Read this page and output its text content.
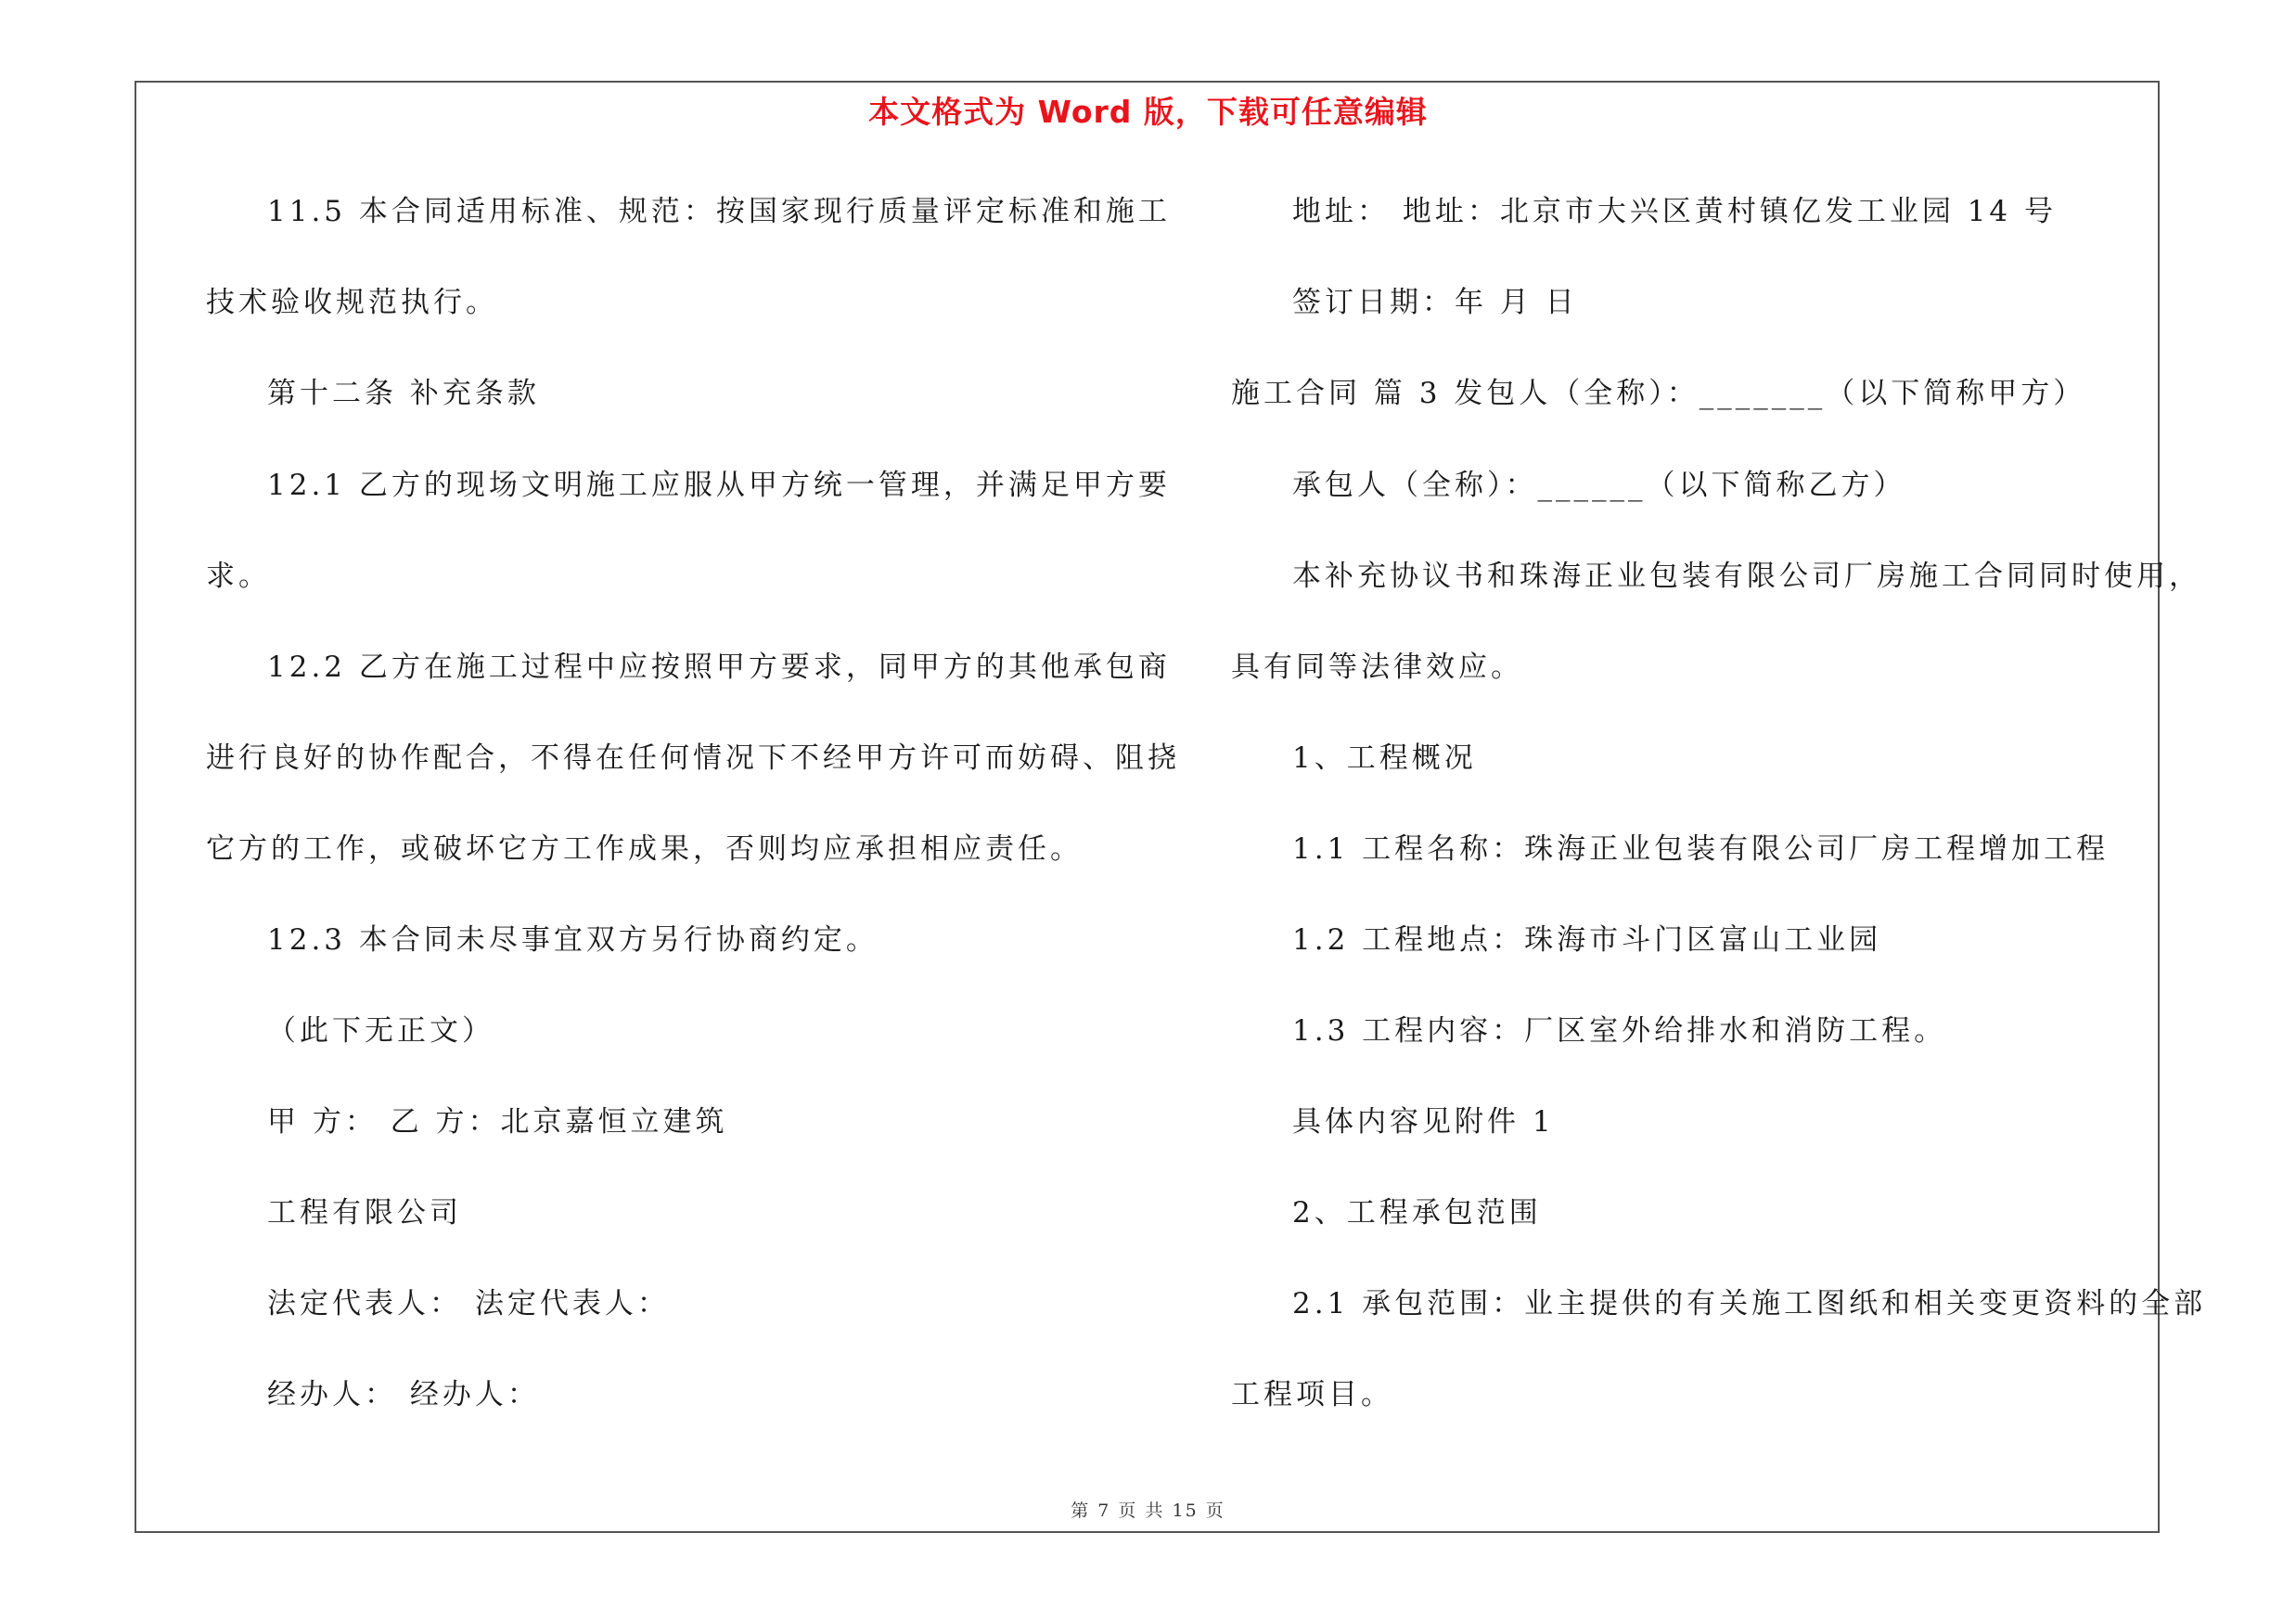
本文格式为 Word 版，下载可任意编辑
11.5 本合同适用标准、规范：按国家现行质量评定标准和施工
技术验收规范执行。
第十二条 补充条款
12.1 乙方的现场文明施工应服从甲方统一管理，并满足甲方要
求。
12.2 乙方在施工过程中应按照甲方要求，同甲方的其他承包商
进行良好的协作配合，不得在任何情况下不经甲方许可而妨碍、阻挠
它方的工作，或破坏它方工作成果，否则均应承担相应责任。
12.3 本合同未尽事宜双方另行协商约定。
（此下无正文）
甲 方： 乙 方：北京嘉恒立建筑
工程有限公司
法定代表人： 法定代表人：
经办人： 经办人：
地址： 地址：北京市大兴区黄村镇亿发工业园 14 号
签订日期：年 月 日
施工合同 篇 3 发包人（全称）：_______（以下简称甲方）
承包人（全称）：______（以下简称乙方）
本补充协议书和珠海正业包装有限公司厂房施工合同同时使用，
具有同等法律效应。
1、工程概况
1.1 工程名称：珠海正业包装有限公司厂房工程增加工程
1.2 工程地点：珠海市斗门区富山工业园
1.3 工程内容：厂区室外给排水和消防工程。
具体内容见附件 1
2、工程承包范围
2.1 承包范围：业主提供的有关施工图纸和相关变更资料的全部
工程项目。
第 7 页 共 15 页
